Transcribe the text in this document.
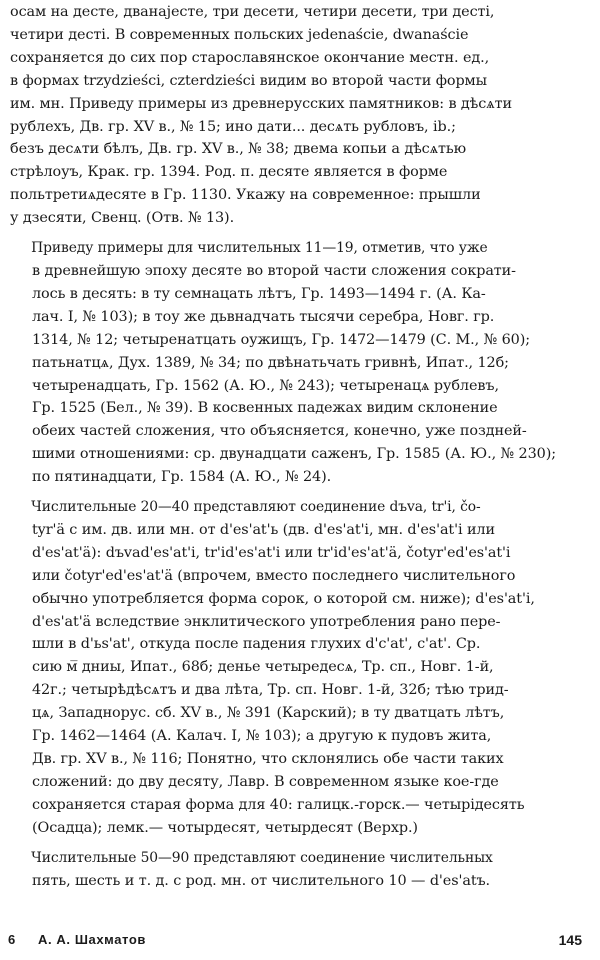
осам на десте, дванајесте, три десети, четири десети, три десті,
четири десті. В современных польских jedenaście, dwanaście
сохраняется до сих пор старославянское окончание местн. ед.,
в формах trzydzieści, czterdzieści видим во второй части формы
им. мн. Приведу примеры из древнерусских памятников: в дѣсѧти
рублехъ, Дв. гр. XV в., № 15; ино дати... десѧть рубловъ, ib.;
безъ десѧти бѣлъ, Дв. гр. XV в., № 38; двема копьи а дѣсѧтью
стрѣлоуъ, Крак. гр. 1394. Род. п. десяте является в форме
польтретиѧдесяте в Гр. 1130. Укажу на современное: прышли
у дзесяти, Свенц. (Отв. № 13).

Приведу примеры для числительных 11—19, отметив, что уже
в древнейшую эпоху десяте во второй части сложения сократи-
лось в десять: в ту семнацать лѣтъ, Гр. 1493—1494 г. (А. Ка-
лач. I, № 103); в тоу же дьвнадчать тысячи серебра, Новг. гр.
1314, № 12; четыренатцать оужищъ, Гр. 1472—1479 (С. М., № 60);
патьнатцѧ, Дух. 1389, № 34; по двѣнатьчать гривнѣ, Ипат., 12б;
четыренадцать, Гр. 1562 (А. Ю., № 243); четыренацѧ рублевъ,
Гр. 1525 (Бел., № 39). В косвенных падежах видим склонение
обеих частей сложения, что объясняется, конечно, уже поздней-
шими отношениями: ср. двунадцати саженъ, Гр. 1585 (А. Ю., № 230);
по пятинадцати, Гр. 1584 (А. Ю., № 24).

Числительные 20—40 представляют соединение dъva, tr'i, čо-
tyr'ä с им. дв. или мн. от d'es'at'ь (дв. d'es'at'i, мн. d'es'at'i или
d'es'at'ä): dъvad'es'at'i, tr'id'es'at'i или tr'id'es'at'ä, čotyr'ed'es'at'i
или čotyr'ed'es'at'ä (впрочем, вместо последнего числительного
обычно употребляется форма сорок, о которой см. ниже); d'es'at'i,
d'es'at'ä вследствие энклитического употребления рано пере-
шли в d'ьs'at', откуда после падения глухих d'c'at', c'at'. Ср.
сию м̅ дниы, Ипат., 68б; денье четыредесѧ, Тр. сп., Новг. 1-й,
42г.; четырѣдѣсѧтъ и два лѣта, Тр. сп. Новг. 1-й, 32б; тѣю трид-
цѧ, Западнорус. сб. XV в., № 391 (Карский); в ту дватцать лѣтъ,
Гр. 1462—1464 (А. Калач. I, № 103); а другую к пудовъ жита,
Дв. гр. XV в., № 116; Понятно, что склонялись обе части таких
сложений: до дву десяту, Лавр. В современном языке кое-где
сохраняется старая форма для 40: галицк.-горск.— четырідесять
(Осадца); лемк.— чотырдесят, четырдесят (Верхр.)

Числительные 50—90 представляют соединение числительных
пять, шесть и т. д. с род. мн. от числительного 10 — d'es'atъ.

6 А. А. Шахматов	145
